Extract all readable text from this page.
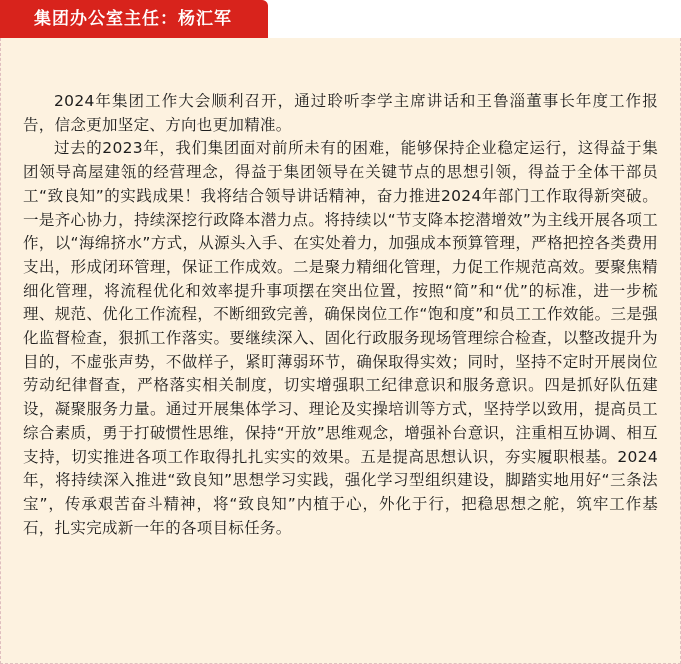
集团办公室主任：杨汇军

2024年集团工作大会顺利召开，通过聆听李学主席讲话和王鲁淄董事长年度工作报告，信念更加坚定、方向也更加精准。

过去的2023年，我们集团面对前所未有的困难，能够保持企业稳定运行，这得益于集团领导高屋建瓴的经营理念，得益于集团领导在关键节点的思想引领，得益于全体干部员工“致良知”的实践成果！我将结合领导讲话精神，奋力推进2024年部门工作取得新突破。一是齐心协力，持续深挖行政降本潜力点。将持续以“节支降本挖潜增效”为主线开展各项工作，以“海绵挤水”方式，从源头入手、在实处着力，加强成本预算管理，严格把控各类费用支出，形成闭环管理，保证工作成效。二是聚力精细化管理，力促工作规范高效。要聚焦精细化管理，将流程优化和效率提升事项摆在突出位置，按照“简”和“优”的标准，进一步梳理、规范、优化工作流程，不断细致完善，确保岗位工作“饱和度”和员工工作效能。三是强化监督检查，狠抓工作落实。要继续深入、固化行政服务现场管理综合检查，以整改提升为目的，不虚张声势，不做样子，紧盯薄弱环节，确保取得实效；同时，坚持不定时开展岗位劳动纪律督查，严格落实相关制度，切实增强职工纪律意识和服务意识。四是抓好队伍建设，凝聚服务力量。通过开展集体学习、理论及实操培训等方式，坚持学以致用，提高员工综合素质，勇于打破惯性思维，保持“开放”思维观念，增强补台意识，注重相互协调、相互支持，切实推进各项工作取得扎扎实实的效果。五是提高思想认识，夯实履职根基。2024年，将持续深入推进“致良知”思想学习实践，强化学习型组织建设，脚踏实地用好“三条法宝”，传承艰苦奋斗精神，将“致良知”内植于心，外化于行，把稳思想之舵，筑牢工作基石，扎实完成新一年的各项目标任务。
